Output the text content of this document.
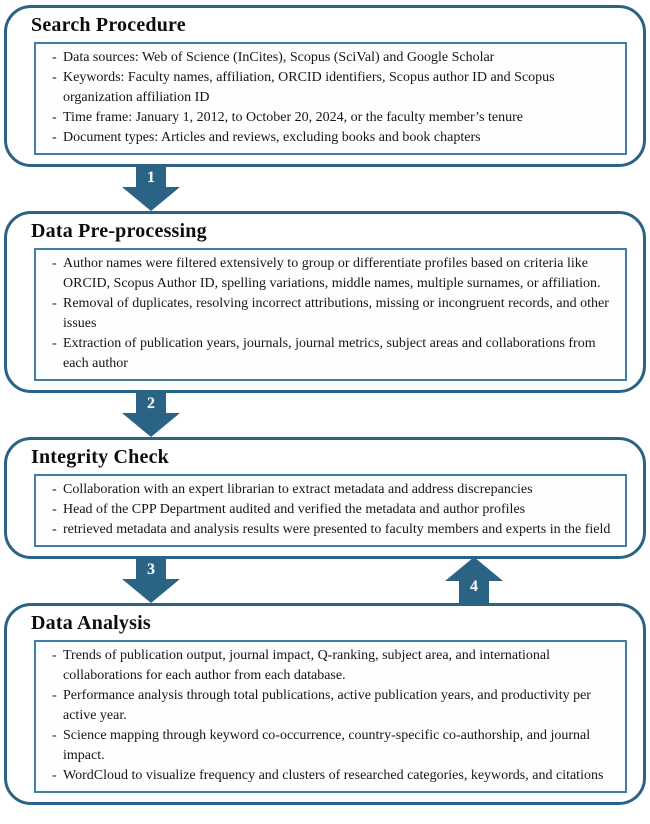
Search Procedure
- Data sources: Web of Science (InCites), Scopus (SciVal) and Google Scholar
- Keywords: Faculty names, affiliation, ORCID identifiers, Scopus author ID and Scopus organization affiliation ID
- Time frame: January 1, 2012, to October 20, 2024, or the faculty member’s tenure
- Document types: Articles and reviews, excluding books and book chapters
1
Data Pre-processing
- Author names were filtered extensively to group or differentiate profiles based on criteria like ORCID, Scopus Author ID, spelling variations, middle names, multiple surnames, or affiliation.
- Removal of duplicates, resolving incorrect attributions, missing or incongruent records, and other issues
- Extraction of publication years, journals, journal metrics, subject areas and collaborations from each author
2
Integrity Check
- Collaboration with an expert librarian to extract metadata and address discrepancies
- Head of the CPP Department audited and verified the metadata and author profiles
- retrieved metadata and analysis results were presented to faculty members and experts in the field
3
4
Data Analysis
- Trends of publication output, journal impact, Q-ranking, subject area, and international collaborations for each author from each database.
- Performance analysis through total publications, active publication years, and productivity per active year.
- Science mapping through keyword co-occurrence, country-specific co-authorship, and journal impact.
- WordCloud to visualize frequency and clusters of researched categories, keywords, and citations
